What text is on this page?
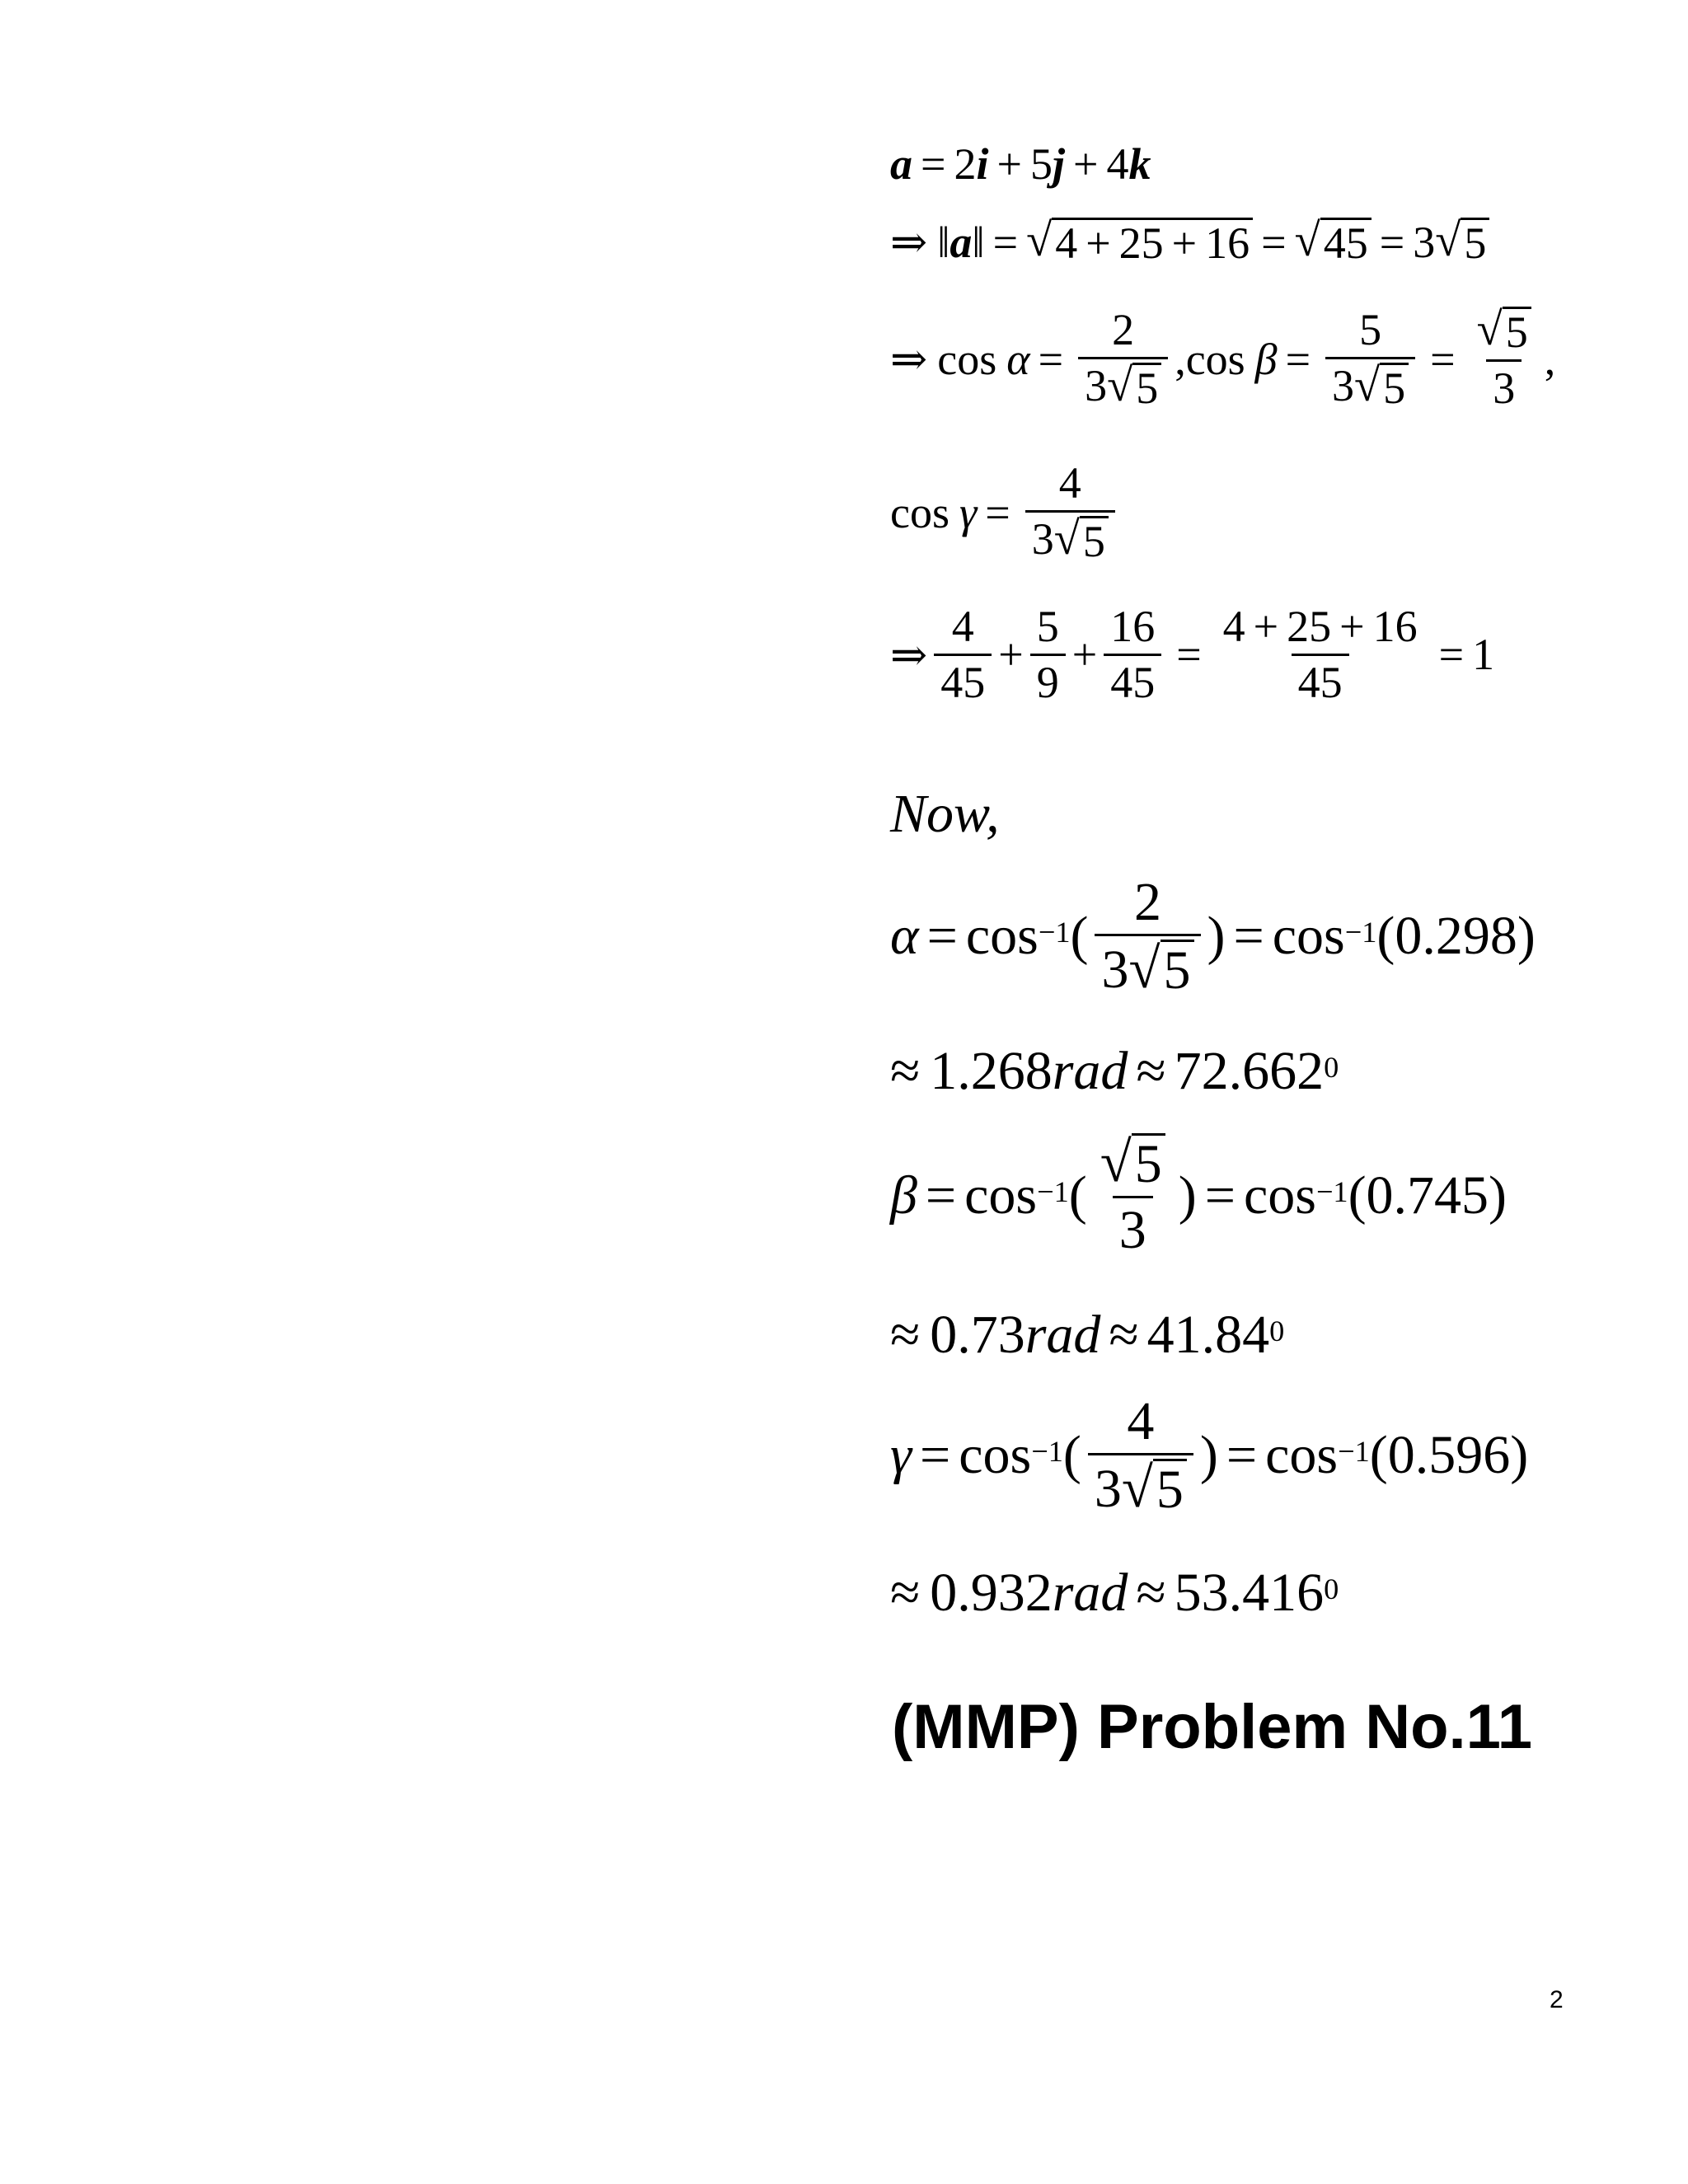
a = 2 i + 5 j + 4 k
⇒ ‖ a ‖ = √ 4 + 25 + 16 = √ 45 = 3 √ 5
⇒ $\cos \alpha = \frac{2}{3 √ 5} ,\cos$ $\beta = \frac{5}{3 √ 5} = \frac{√ 5}{3}$ ,
$\cos \gamma = \frac{4}{3 √ 5}$
⇒ $\frac{4}{45} + \frac{5}{9} + \frac{16}{45} = \frac{4 + 25 + 16}{45} = 1$
Now,
$\alpha = \cos^{-1}$ ( $\frac{2}{3 √ 5}$ ) = $\cos^{-1} (0.298)$
≈ 1.268 rad ≈ $72.662^0$
$\beta = \cos^{-1}$ ( $\frac{√ 5}{3}$ ) = $\cos^{-1} (0.745)$
≈ 0.73 rad ≈ $41.84^0$
$\gamma = \cos^{-1}$ ( $\frac{4}{3 √ 5}$ ) = $\cos^{-1} (0.596)$
≈ 0.932 rad ≈ $53.416^0$
(MMP) Problem No.11
2
